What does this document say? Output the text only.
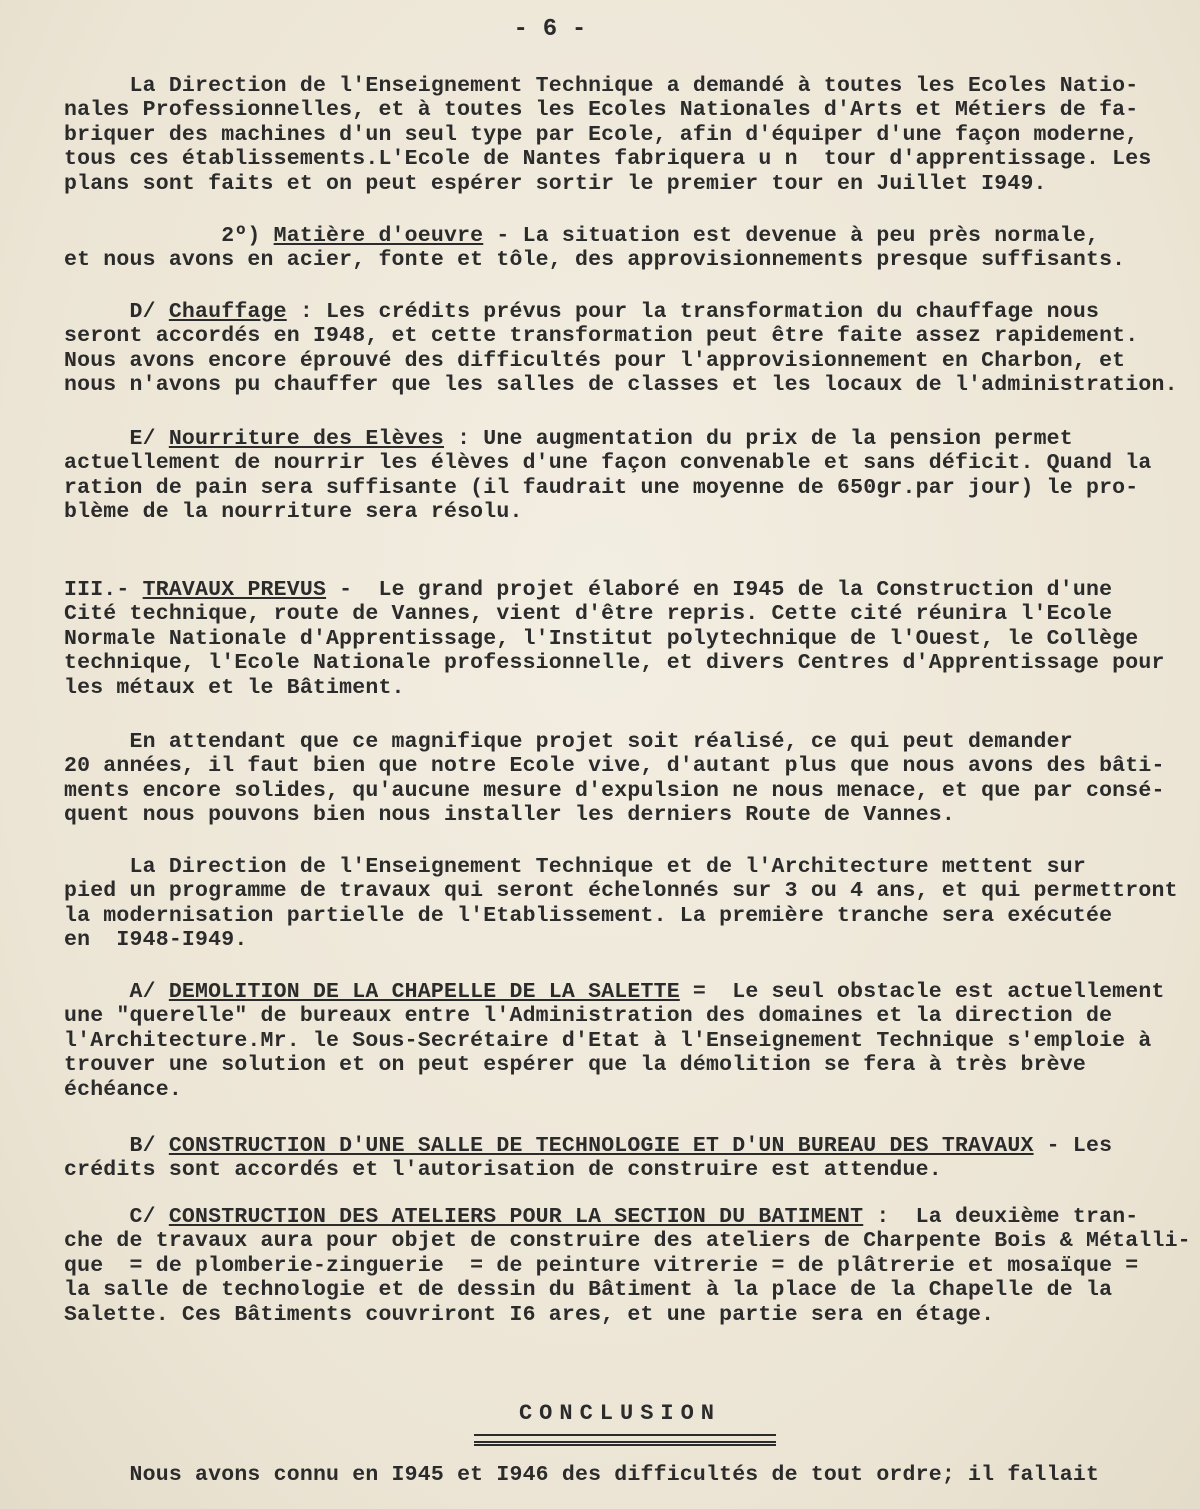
- 6 -
La Direction de l'Enseignement Technique a demandé à toutes les Ecoles Natio-
nales Professionnelles, et à toutes les Ecoles Nationales d'Arts et Métiers de fa-
briquer des machines d'un seul type par Ecole, afin d'équiper d'une façon moderne,
tous ces établissements.L'Ecole de Nantes fabriquera u n  tour d'apprentissage. Les
plans sont faits et on peut espérer sortir le premier tour en Juillet I949.
2º) Matière d'oeuvre - La situation est devenue à peu près normale,
et nous avons en acier, fonte et tôle, des approvisionnements presque suffisants.
D/ Chauffage : Les crédits prévus pour la transformation du chauffage nous
seront accordés en I948, et cette transformation peut être faite assez rapidement.
Nous avons encore éprouvé des difficultés pour l'approvisionnement en Charbon, et
nous n'avons pu chauffer que les salles de classes et les locaux de l'administration.
E/ Nourriture des Elèves : Une augmentation du prix de la pension permet
actuellement de nourrir les élèves d'une façon convenable et sans déficit. Quand la
ration de pain sera suffisante (il faudrait une moyenne de 650gr.par jour) le pro-
blème de la nourriture sera résolu.
III.- TRAVAUX PREVUS -  Le grand projet élaboré en I945 de la Construction d'une
Cité technique, route de Vannes, vient d'être repris. Cette cité réunira l'Ecole
Normale Nationale d'Apprentissage, l'Institut polytechnique de l'Ouest, le Collège
technique, l'Ecole Nationale professionnelle, et divers Centres d'Apprentissage pour
les métaux et le Bâtiment.
En attendant que ce magnifique projet soit réalisé, ce qui peut demander
20 années, il faut bien que notre Ecole vive, d'autant plus que nous avons des bâti-
ments encore solides, qu'aucune mesure d'expulsion ne nous menace, et que par consé-
quent nous pouvons bien nous installer les derniers Route de Vannes.
La Direction de l'Enseignement Technique et de l'Architecture mettent sur
pied un programme de travaux qui seront échelonnés sur 3 ou 4 ans, et qui permettront
la modernisation partielle de l'Etablissement. La première tranche sera exécutée
en  I948-I949.
A/ DEMOLITION DE LA CHAPELLE DE LA SALETTE =  Le seul obstacle est actuellement
une "querelle" de bureaux entre l'Administration des domaines et la direction de
l'Architecture.Mr. le Sous-Secrétaire d'Etat à l'Enseignement Technique s'emploie à
trouver une solution et on peut espérer que la démolition se fera à très brève
échéance.
B/ CONSTRUCTION D'UNE SALLE DE TECHNOLOGIE ET D'UN BUREAU DES TRAVAUX - Les
crédits sont accordés et l'autorisation de construire est attendue.
C/ CONSTRUCTION DES ATELIERS POUR LA SECTION DU BATIMENT :  La deuxième tran-
che de travaux aura pour objet de construire des ateliers de Charpente Bois & Métalli-
que  = de plomberie-zinguerie  = de peinture vitrerie = de plâtrerie et mosaïque =
la salle de technologie et de dessin du Bâtiment à la place de la Chapelle de la
Salette. Ces Bâtiments couvriront I6 ares, et une partie sera en étage.
CONCLUSION
Nous avons connu en I945 et I946 des difficultés de tout ordre; il fallait
